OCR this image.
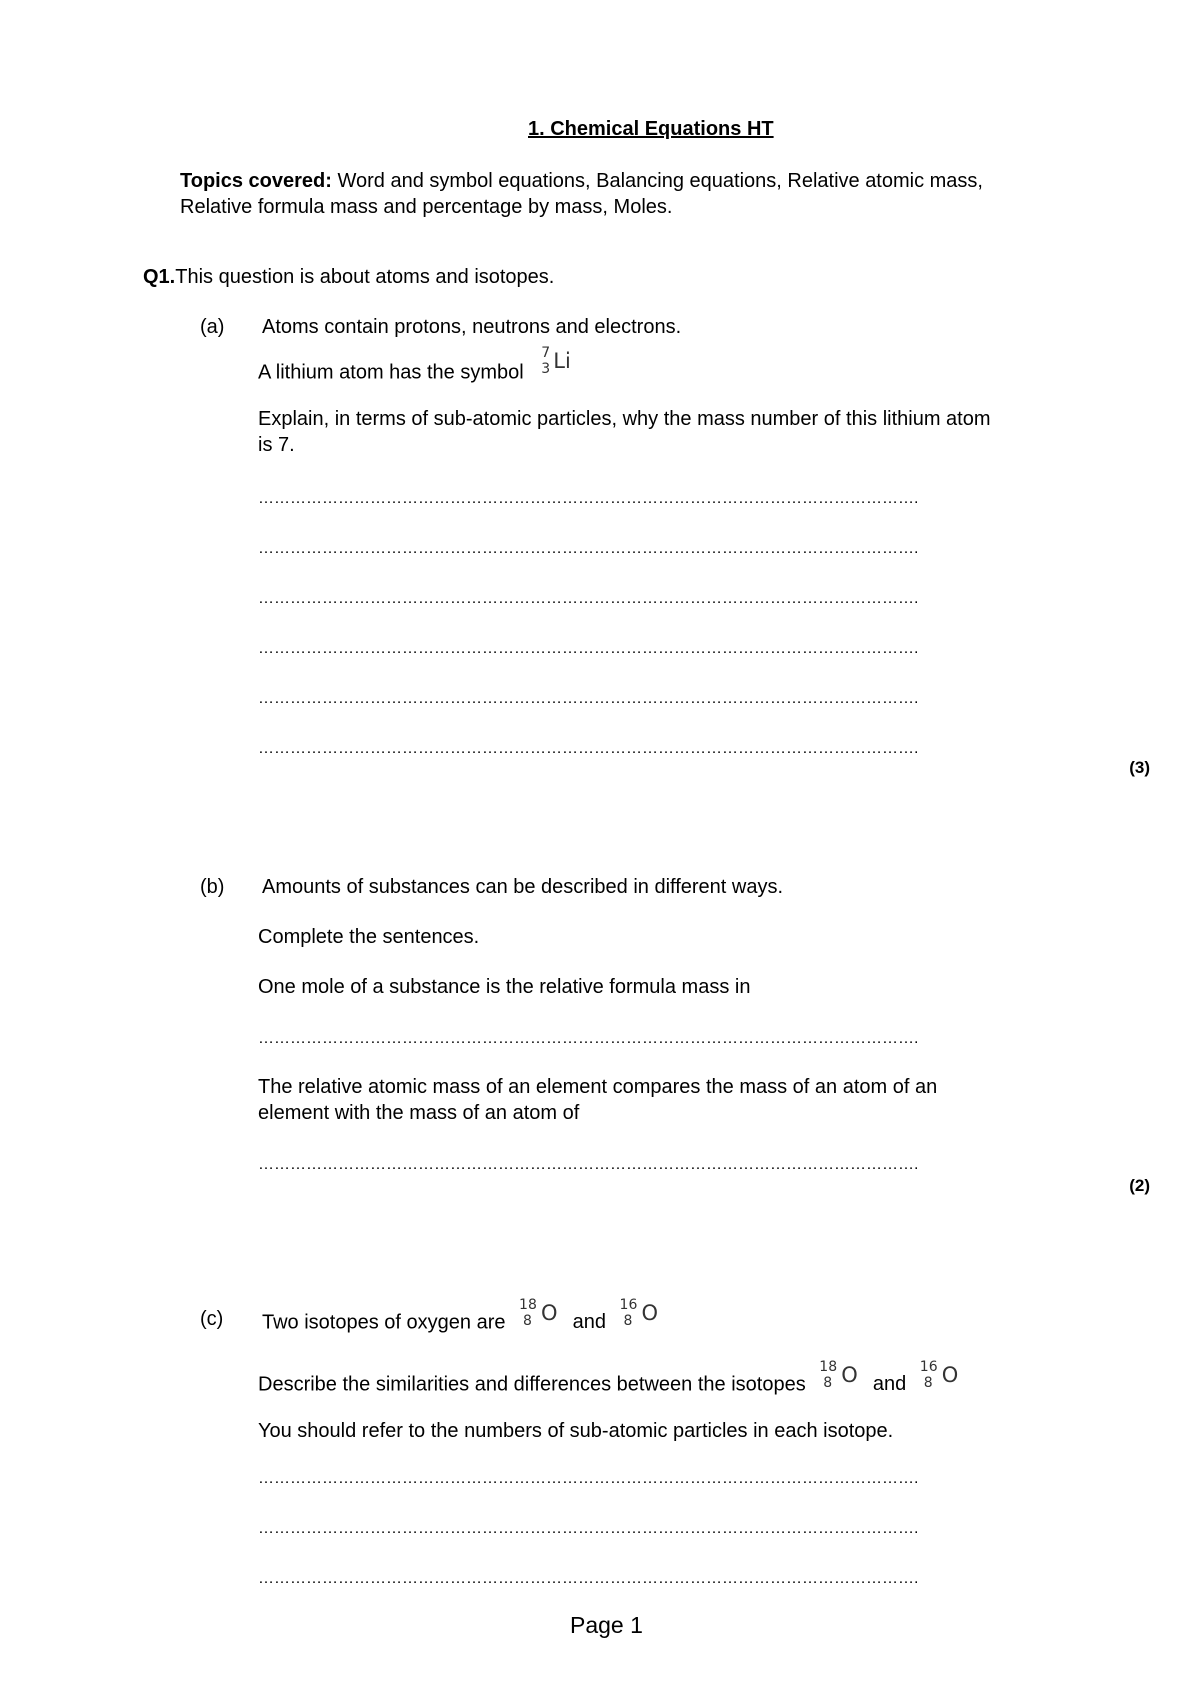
1. Chemical Equations HT
Topics covered: Word and symbol equations, Balancing equations, Relative atomic mass,
Relative formula mass and percentage by mass, Moles.
Q1.This question is about atoms and isotopes.
(a) Atoms contain protons, neutrons and electrons.
A lithium atom has the symbol
7
3 Li
Explain, in terms of sub-atomic particles, why the mass number of this lithium atom
is 7.
…………………………………………………………………………………………………………….
…………………………………………………………………………………………………………….
…………………………………………………………………………………………………………….
…………………………………………………………………………………………………………….
…………………………………………………………………………………………………………….
…………………………………………………………………………………………………………….
(3)
(b) Amounts of substances can be described in different ways.
Complete the sentences.
One mole of a substance is the relative formula mass in
…………………………………………………………………………………………………………….
The relative atomic mass of an element compares the mass of an atom of an
element with the mass of an atom of
…………………………………………………………………………………………………………….
(2)
(c) Two isotopes of oxygen are
18
8 O and
16
8 O
Describe the similarities and differences between the isotopes
18
8 O and
16
8 O
You should refer to the numbers of sub-atomic particles in each isotope.
…………………………………………………………………………………………………………….
…………………………………………………………………………………………………………….
…………………………………………………………………………………………………………….
Page 1
